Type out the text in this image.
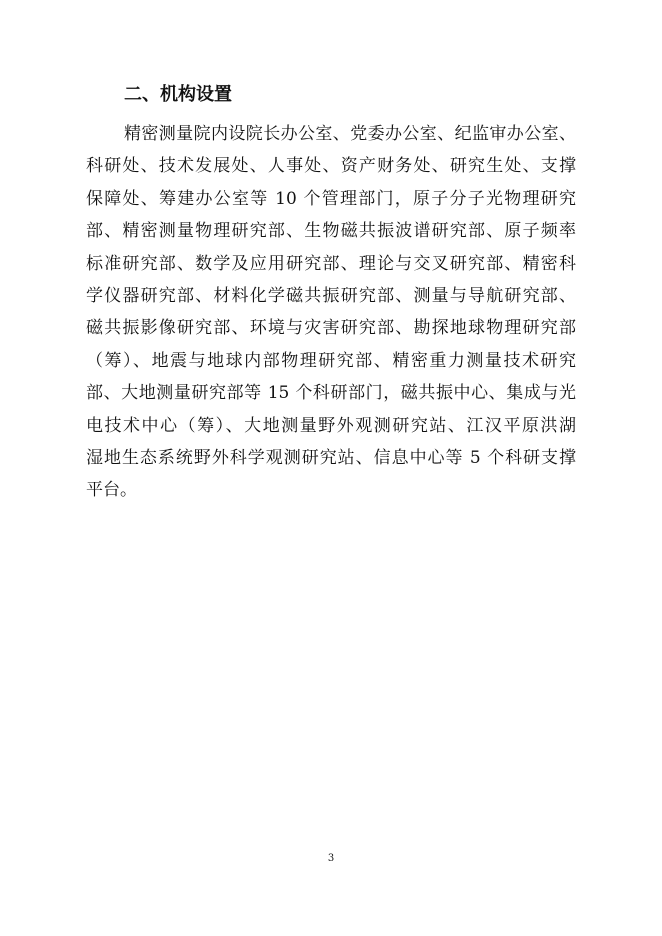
二、机构设置
精密测量院内设院长办公室、党委办公室、纪监审办公室、
科研处、技术发展处、人事处、资产财务处、研究生处、支撑
保障处、筹建办公室等 10 个管理部门，原子分子光物理研究
部、精密测量物理研究部、生物磁共振波谱研究部、原子频率
标准研究部、数学及应用研究部、理论与交叉研究部、精密科
学仪器研究部、材料化学磁共振研究部、测量与导航研究部、
磁共振影像研究部、环境与灾害研究部、勘探地球物理研究部
（筹）、地震与地球内部物理研究部、精密重力测量技术研究
部、大地测量研究部等 15 个科研部门，磁共振中心、集成与光
电技术中心（筹）、大地测量野外观测研究站、江汉平原洪湖
湿地生态系统野外科学观测研究站、信息中心等 5 个科研支撑
平台。
3
